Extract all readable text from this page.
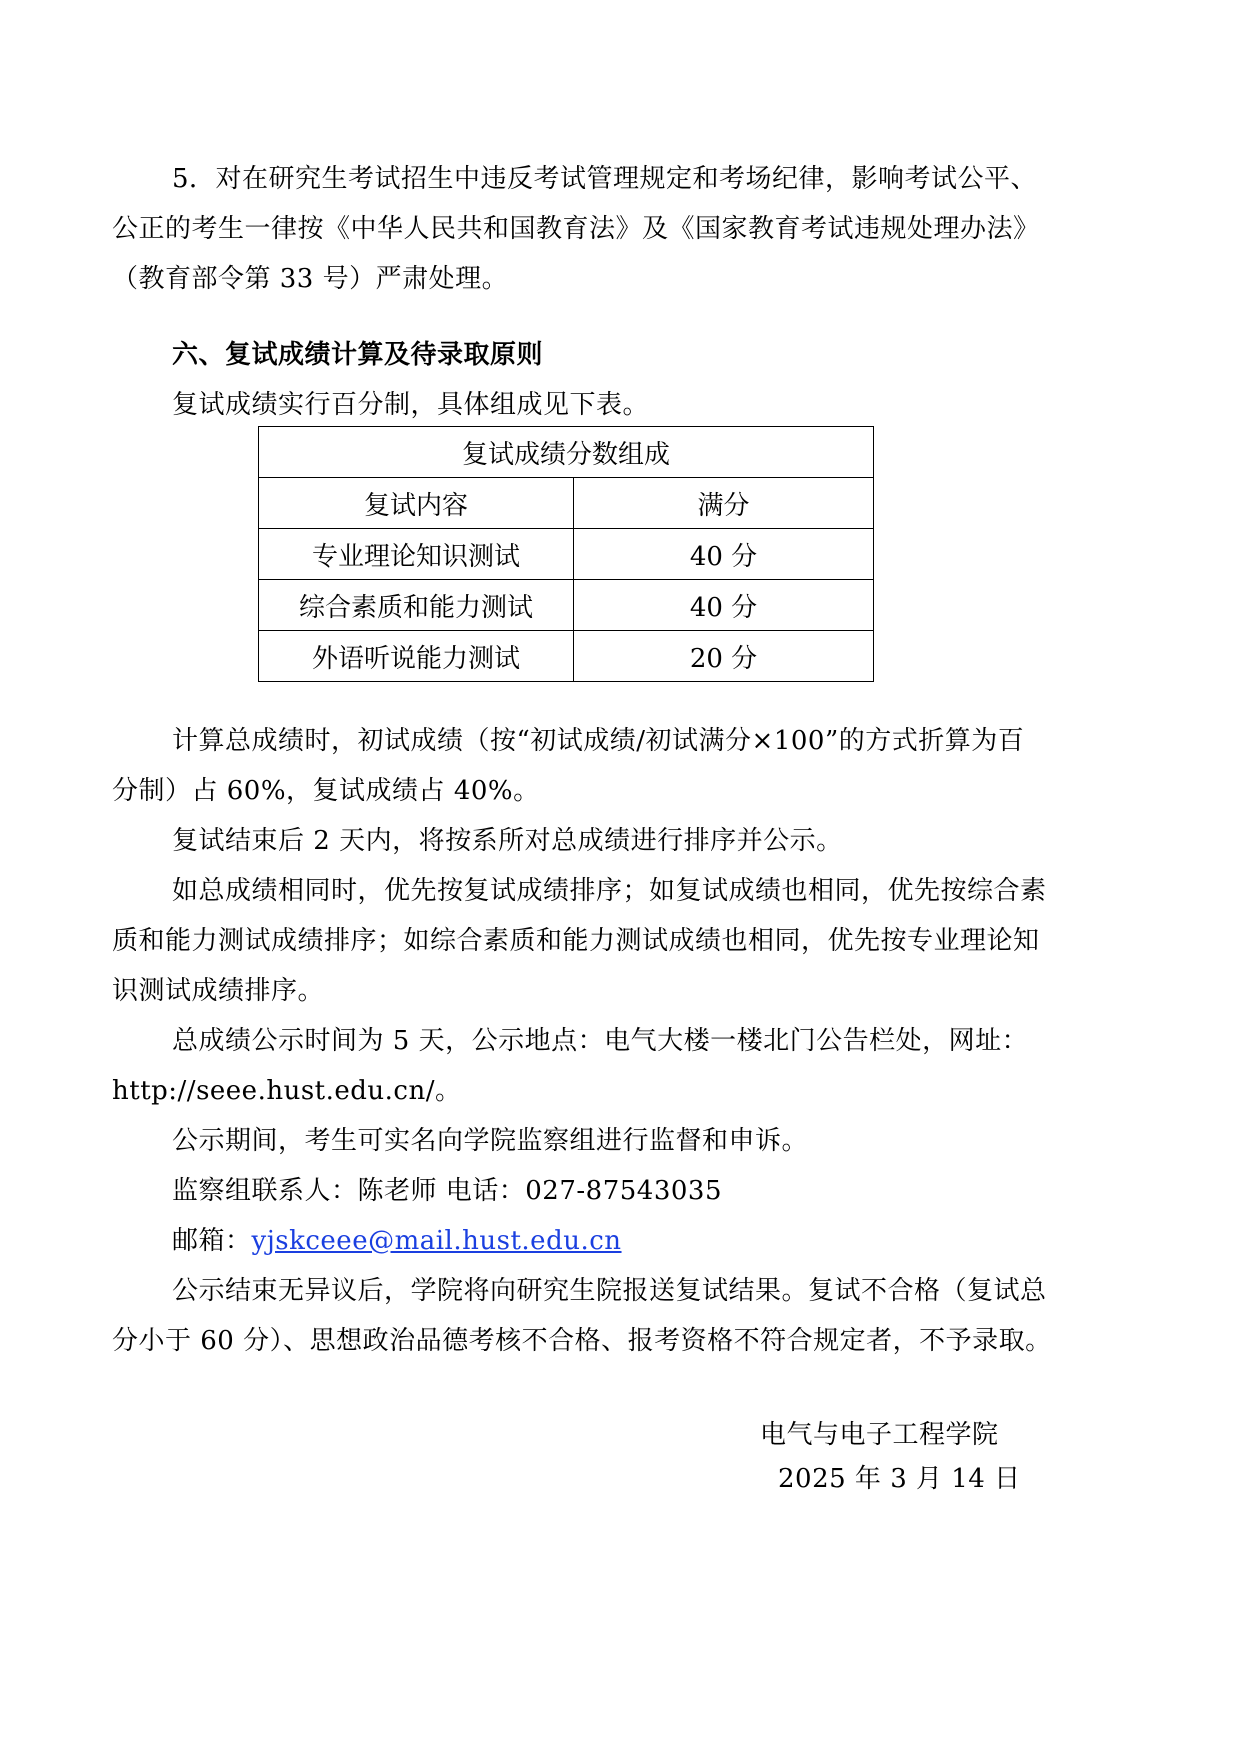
5．对在研究生考试招生中违反考试管理规定和考场纪律，影响考试公平、
公正的考生一律按《中华人民共和国教育法》及《国家教育考试违规处理办法》
（教育部令第 33 号）严肃处理。
六、复试成绩计算及待录取原则
复试成绩实行百分制，具体组成见下表。
复试成绩分数组成	
复试内容	满分
专业理论知识测试	40 分
综合素质和能力测试	40 分
外语听说能力测试	20 分
计算总成绩时，初试成绩（按“初试成绩/初试满分×100”的方式折算为百
分制）占 60%，复试成绩占 40%。
复试结束后 2 天内，将按系所对总成绩进行排序并公示。
如总成绩相同时，优先按复试成绩排序；如复试成绩也相同，优先按综合素
质和能力测试成绩排序；如综合素质和能力测试成绩也相同，优先按专业理论知
识测试成绩排序。
总成绩公示时间为 5 天，公示地点：电气大楼一楼北门公告栏处，网址：
http://seee.hust.edu.cn/。
公示期间，考生可实名向学院监察组进行监督和申诉。
监察组联系人：陈老师 电话：027-87543035
邮箱：yjskceee@mail.hust.edu.cn
公示结束无异议后，学院将向研究生院报送复试结果。复试不合格（复试总
分小于 60 分）、思想政治品德考核不合格、报考资格不符合规定者，不予录取。
电气与电子工程学院
2025 年 3 月 14 日
